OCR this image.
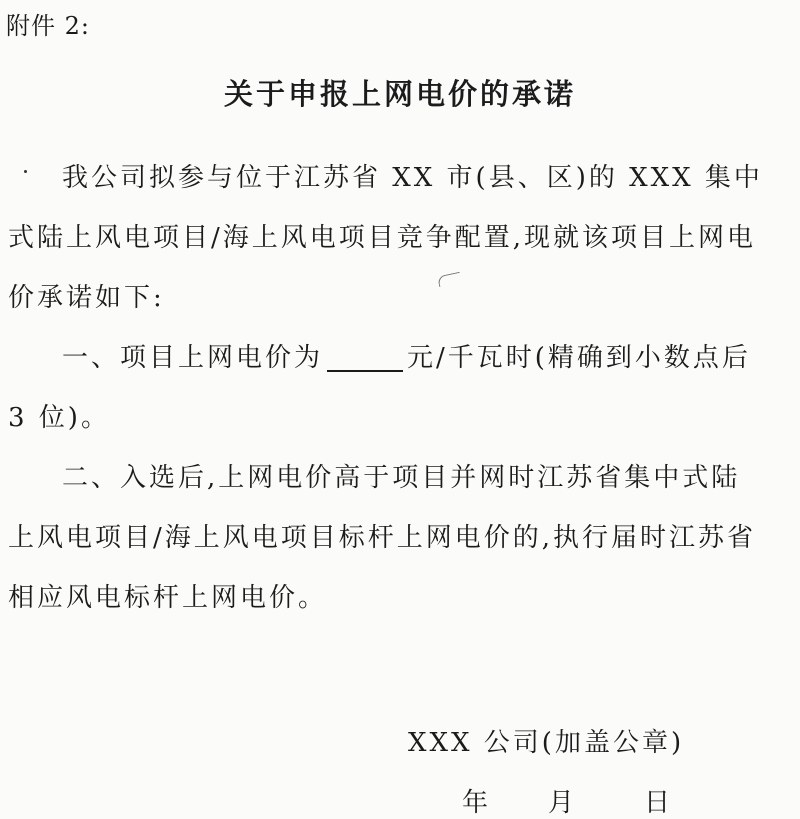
附件 2:
关于申报上网电价的承诺
我公司拟参与位于江苏省 XX 市(县、区)的 XXX 集中
式陆上风电项目/海上风电项目竞争配置,现就该项目上网电
价承诺如下:
一、项目上网电价为	元/千瓦时(精确到小数点后
3 位)。
二、入选后,上网电价高于项目并网时江苏省集中式陆
上风电项目/海上风电项目标杆上网电价的,执行届时江苏省
相应风电标杆上网电价。
XXX 公司(加盖公章)
年 月	日
